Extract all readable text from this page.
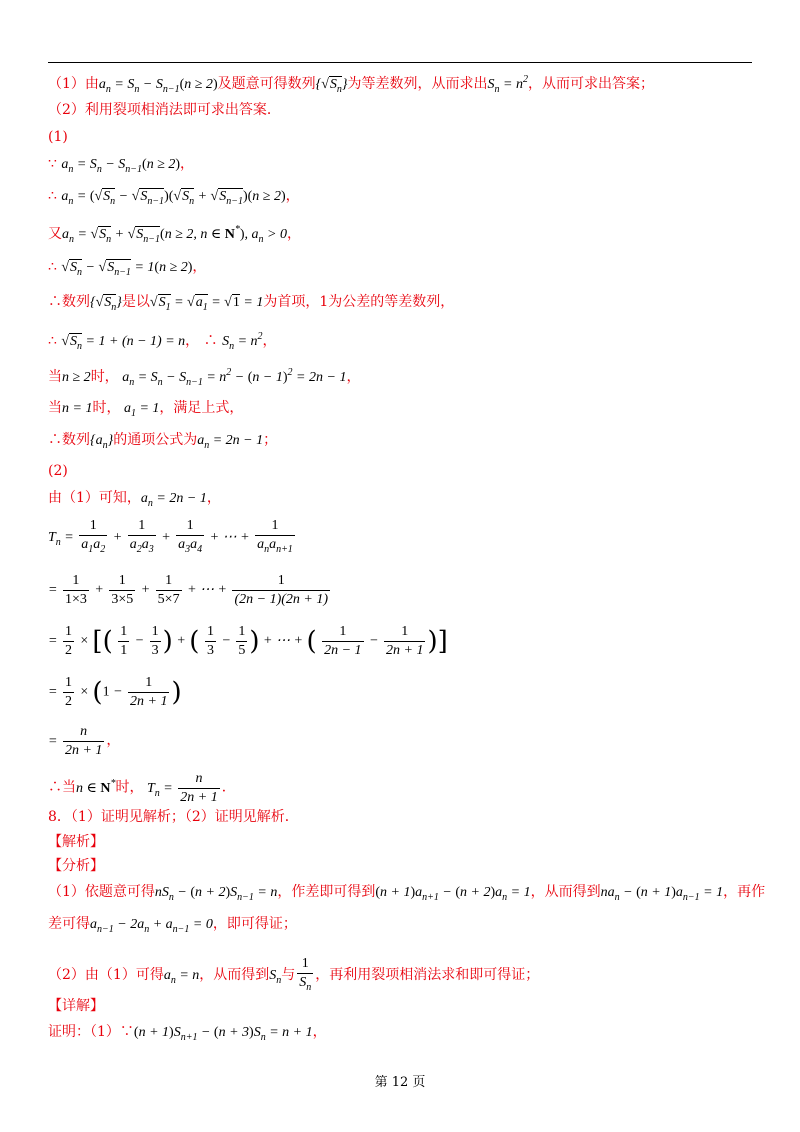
（1）由$a_n = S_n - S_{n-1}(n \ge 2)$及题意可得数列$\{√S_n\}$为等差数列，从而求出$S_n = n^2$，从而可求出答案；
（2）利用裂项相消法即可求出答案．
(1)
∵ $a_n = S_n - S_{n-1}(n \ge 2)$，
∴ $a_n = (√S_n - √S_{n-1})(√S_n + √S_{n-1})(n \ge 2)$，
又$a_n = √S_n + √S_{n-1}(n \ge 2$, n ∈ N*), $a_n > 0$，
∴ $√S_n - √S_{n-1} = 1(n \ge 2)$，
∴数列$\{√S_n\}$是以$√S_1 = √a_1 = √1 = 1$为首项，1为公差的等差数列，
∴ $√S_n = 1 + (n - 1) = n$， ∴ $S_n = n^2$，
当n ≥ 2时， $a_n = S_n - S_{n-1} = n^2 - (n - 1)^2 = 2n - 1$，
当n = 1时， $a_1 = 1$，满足上式，
∴数列$\{a_n\}$的通项公式为$a_n = 2n - 1$；
(2)
由（1）可知，$a_n = 2n - 1$，
$T_n = \frac{1}{a_1a_2} + \frac{1}{a_2a_3} + \frac{1}{a_3a_4}$ + ⋯ + $\frac{1}{a_na_{n+1}}$
= $\frac{1}{1\times 3} + \frac{1}{3\times 5} + \frac{1}{5\times 7}$ + ⋯ + $\frac{1}{(2n - 1)(2n + 1)}$
= $\frac{1}{2}$ × [( $\frac{1}{1} - \frac{1}{3}$ ) + ( $\frac{1}{3} - \frac{1}{5}$ ) + ⋯ + ( $\frac{1}{2n - 1} - \frac{1}{2n + 1}$ )]
= $\frac{1}{2} \times (1 - \frac{1}{2n + 1}$ )
= $\frac{n}{2n + 1}$ ，
∴当n ∈ N*时， $T_n = \frac{n}{2n + 1}$ ．
8．（1）证明见解析；（2）证明见解析．
【解析】
【分析】
（1）依题意可得$nS_n - (n + 2)S_{n-1} = n$，作差即可得到$(n + 1)a_{n+1} - (n + 2)a_n = 1$，从而得到$na_n - (n + 1)a_{n-1} = 1$，再作
差可得$a_{n-1} - 2a_n + a_{n-1} = 0$，即可得证；
（2）由（1）可得$a_n = n$，从而得到$S_n$与 $\frac{1}{S_n}$ ，再利用裂项相消法求和即可得证；
【详解】
证明：（1）∵(n + $1)S_{n+1} - (n + 3)S_n = n + 1$，
第 12 页
